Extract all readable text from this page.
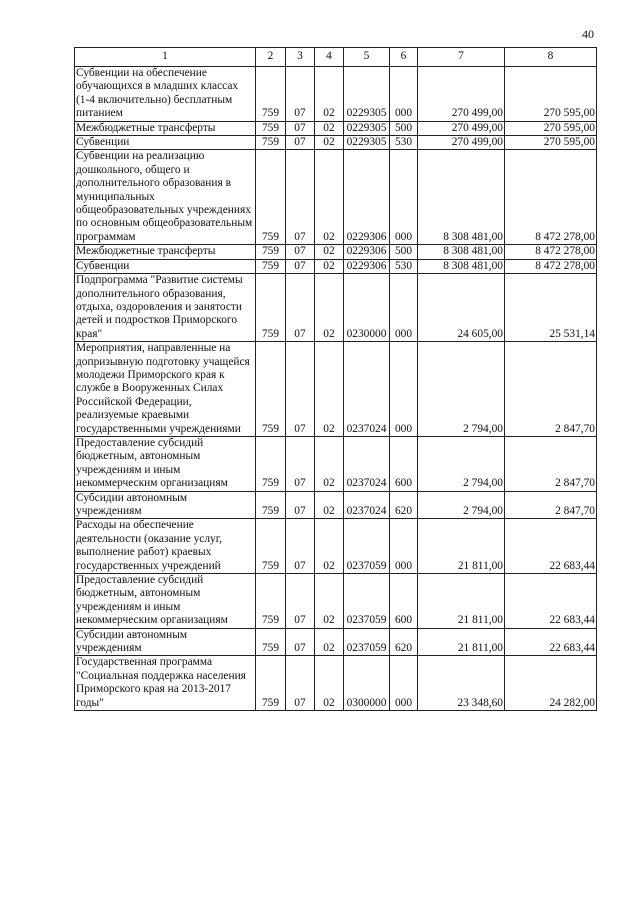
40
1	2	3	4	5	6	7	8
Субвенции на обеспечение обучающихся в младших классах (1-4 включительно) бесплатным питанием	759	07	02	0229305	000	270 499,00	270 595,00
Межбюджетные трансферты	759	07	02	0229305	500	270 499,00	270 595,00
Субвенции	759	07	02	0229305	530	270 499,00	270 595,00
Субвенции на реализацию дошкольного, общего и дополнительного образования в муниципальных общеобразовательных учреждениях по основным общеобразовательным программам	759	07	02	0229306	000	8 308 481,00	8 472 278,00
Межбюджетные трансферты	759	07	02	0229306	500	8 308 481,00	8 472 278,00
Субвенции	759	07	02	0229306	530	8 308 481,00	8 472 278,00
Подпрограмма "Развитие системы дополнительного образования, отдыха, оздоровления и занятости детей и подростков Приморского края"	759	07	02	0230000	000	24 605,00	25 531,14
Мероприятия, направленные на допризывную подготовку учащейся молодежи Приморского края к службе в Вооруженных Силах Российской Федерации, реализуемые краевыми государственными учреждениями	759	07	02	0237024	000	2 794,00	2 847,70
Предоставление субсидий бюджетным, автономным учреждениям и иным некоммерческим организациям	759	07	02	0237024	600	2 794,00	2 847,70
Субсидии автономным учреждениям	759	07	02	0237024	620	2 794,00	2 847,70
Расходы на обеспечение деятельности (оказание услуг, выполнение работ) краевых государственных учреждений	759	07	02	0237059	000	21 811,00	22 683,44
Предоставление субсидий бюджетным, автономным учреждениям и иным некоммерческим организациям	759	07	02	0237059	600	21 811,00	22 683,44
Субсидии автономным учреждениям	759	07	02	0237059	620	21 811,00	22 683,44
Государственная программа "Социальная поддержка населения Приморского края на 2013-2017 годы"	759	07	02	0300000	000	23 348,60	24 282,00
